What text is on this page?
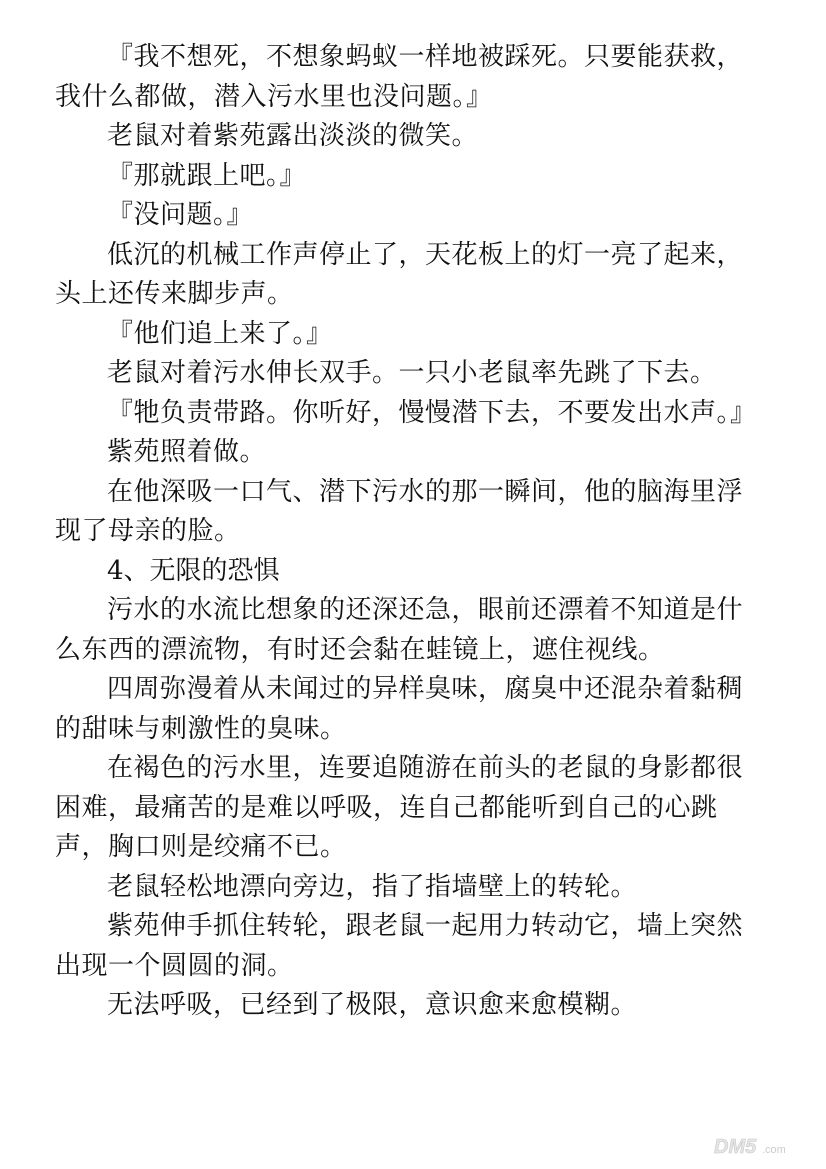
『我不想死，不想象蚂蚁一样地被踩死。只要能获救，我什么都做，潜入污水里也没问题。』

老鼠对着紫苑露出淡淡的微笑。

『那就跟上吧。』

『没问题。』

低沉的机械工作声停止了，天花板上的灯一亮了起来，头上还传来脚步声。

『他们追上来了。』

老鼠对着污水伸长双手。一只小老鼠率先跳了下去。

『牠负责带路。你听好，慢慢潜下去，不要发出水声。』

紫苑照着做。

在他深吸一口气、潜下污水的那一瞬间，他的脑海里浮现了母亲的脸。

4、无限的恐惧

污水的水流比想象的还深还急，眼前还漂着不知道是什么东西的漂流物，有时还会黏在蛙镜上，遮住视线。

四周弥漫着从未闻过的异样臭味，腐臭中还混杂着黏稠的甜味与刺激性的臭味。

在褐色的污水里，连要追随游在前头的老鼠的身影都很困难，最痛苦的是难以呼吸，连自己都能听到自己的心跳声，胸口则是绞痛不已。

老鼠轻松地漂向旁边，指了指墙壁上的转轮。

紫苑伸手抓住转轮，跟老鼠一起用力转动它，墙上突然出现一个圆圆的洞。

无法呼吸，已经到了极限，意识愈来愈模糊。

DM5 .com
